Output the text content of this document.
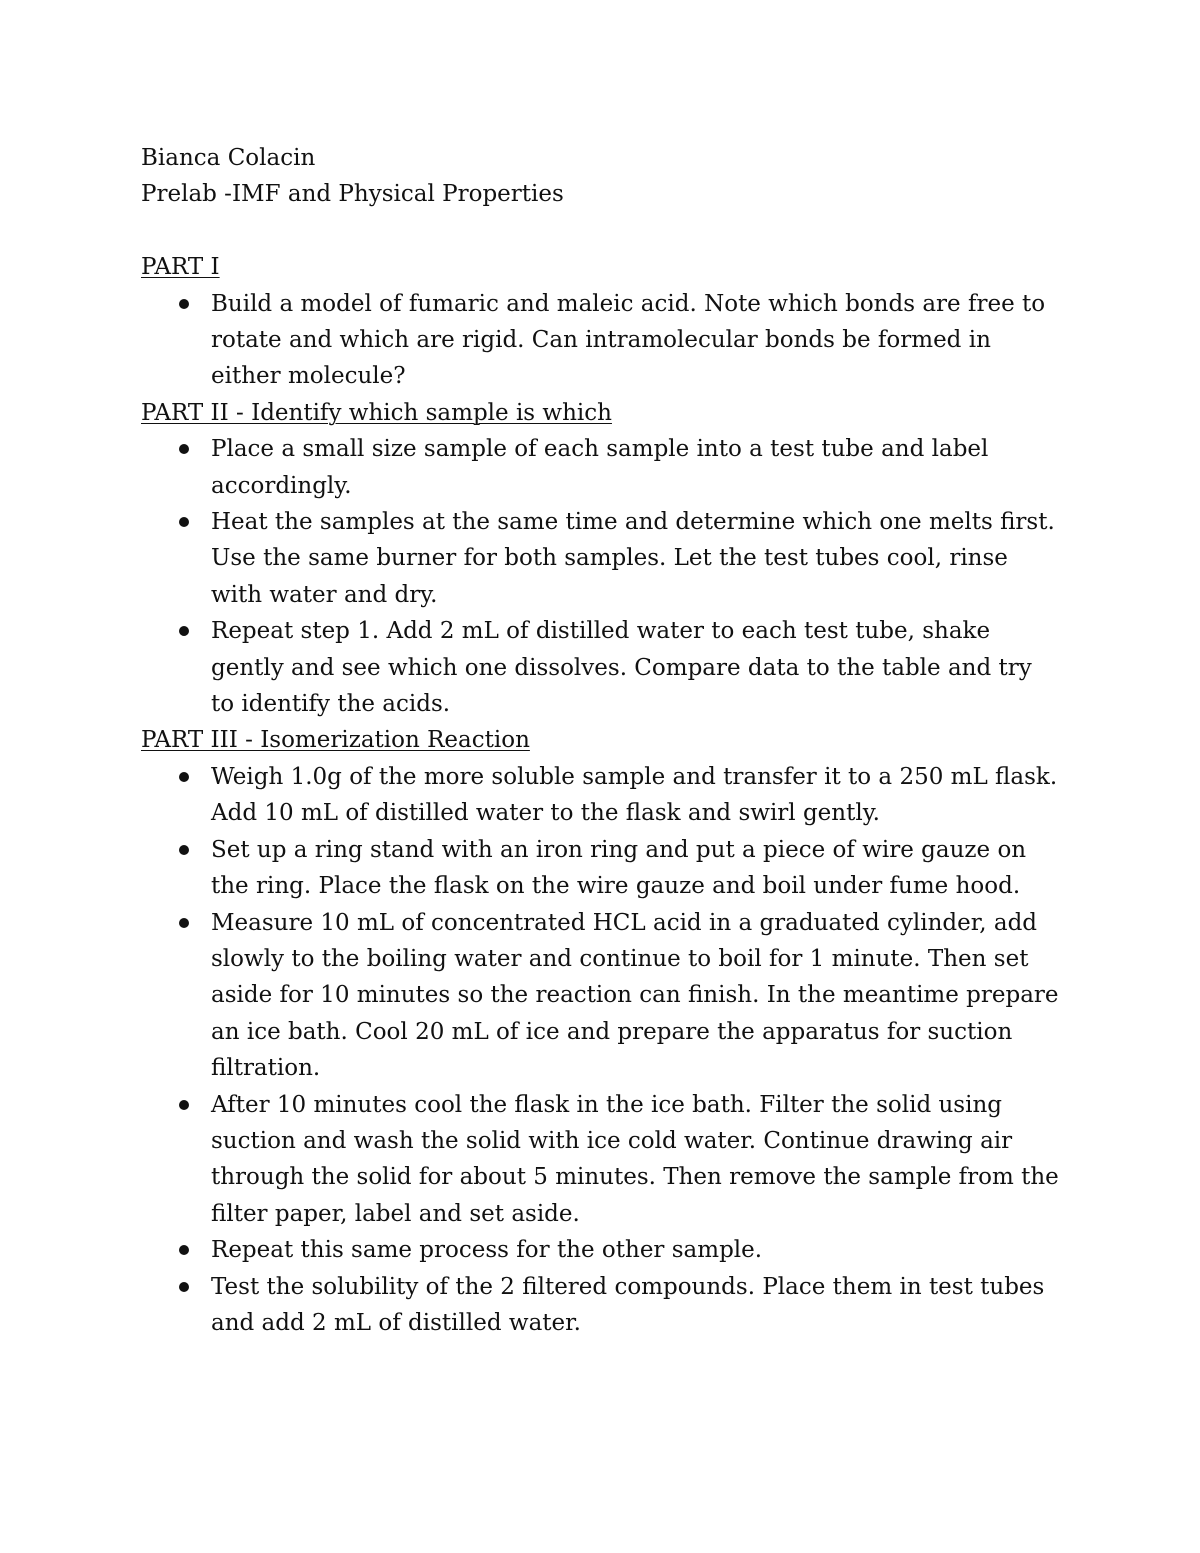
Bianca Colacin
Prelab -IMF and Physical Properties
PART I
Build a model of fumaric and maleic acid. Note which bonds are free to rotate and which are rigid. Can intramolecular bonds be formed in either molecule?
PART II - Identify which sample is which
Place a small size sample of each sample into a test tube and label accordingly.
Heat the samples at the same time and determine which one melts first. Use the same burner for both samples. Let the test tubes cool, rinse with water and dry.
Repeat step 1. Add 2 mL of distilled water to each test tube, shake gently and see which one dissolves. Compare data to the table and try to identify the acids.
PART III - Isomerization Reaction
Weigh 1.0g of the more soluble sample and transfer it to a 250 mL flask. Add 10 mL of distilled water to the flask and swirl gently.
Set up a ring stand with an iron ring and put a piece of wire gauze on the ring. Place the flask on the wire gauze and boil under fume hood.
Measure 10 mL of concentrated HCL acid in a graduated cylinder, add slowly to the boiling water and continue to boil for 1 minute. Then set aside for 10 minutes so the reaction can finish. In the meantime prepare an ice bath. Cool 20 mL of ice and prepare the apparatus for suction filtration.
After 10 minutes cool the flask in the ice bath. Filter the solid using suction and wash the solid with ice cold water. Continue drawing air through the solid for about 5 minutes. Then remove the sample from the filter paper, label and set aside.
Repeat this same process for the other sample.
Test the solubility of the 2 filtered compounds. Place them in test tubes and add 2 mL of distilled water.
